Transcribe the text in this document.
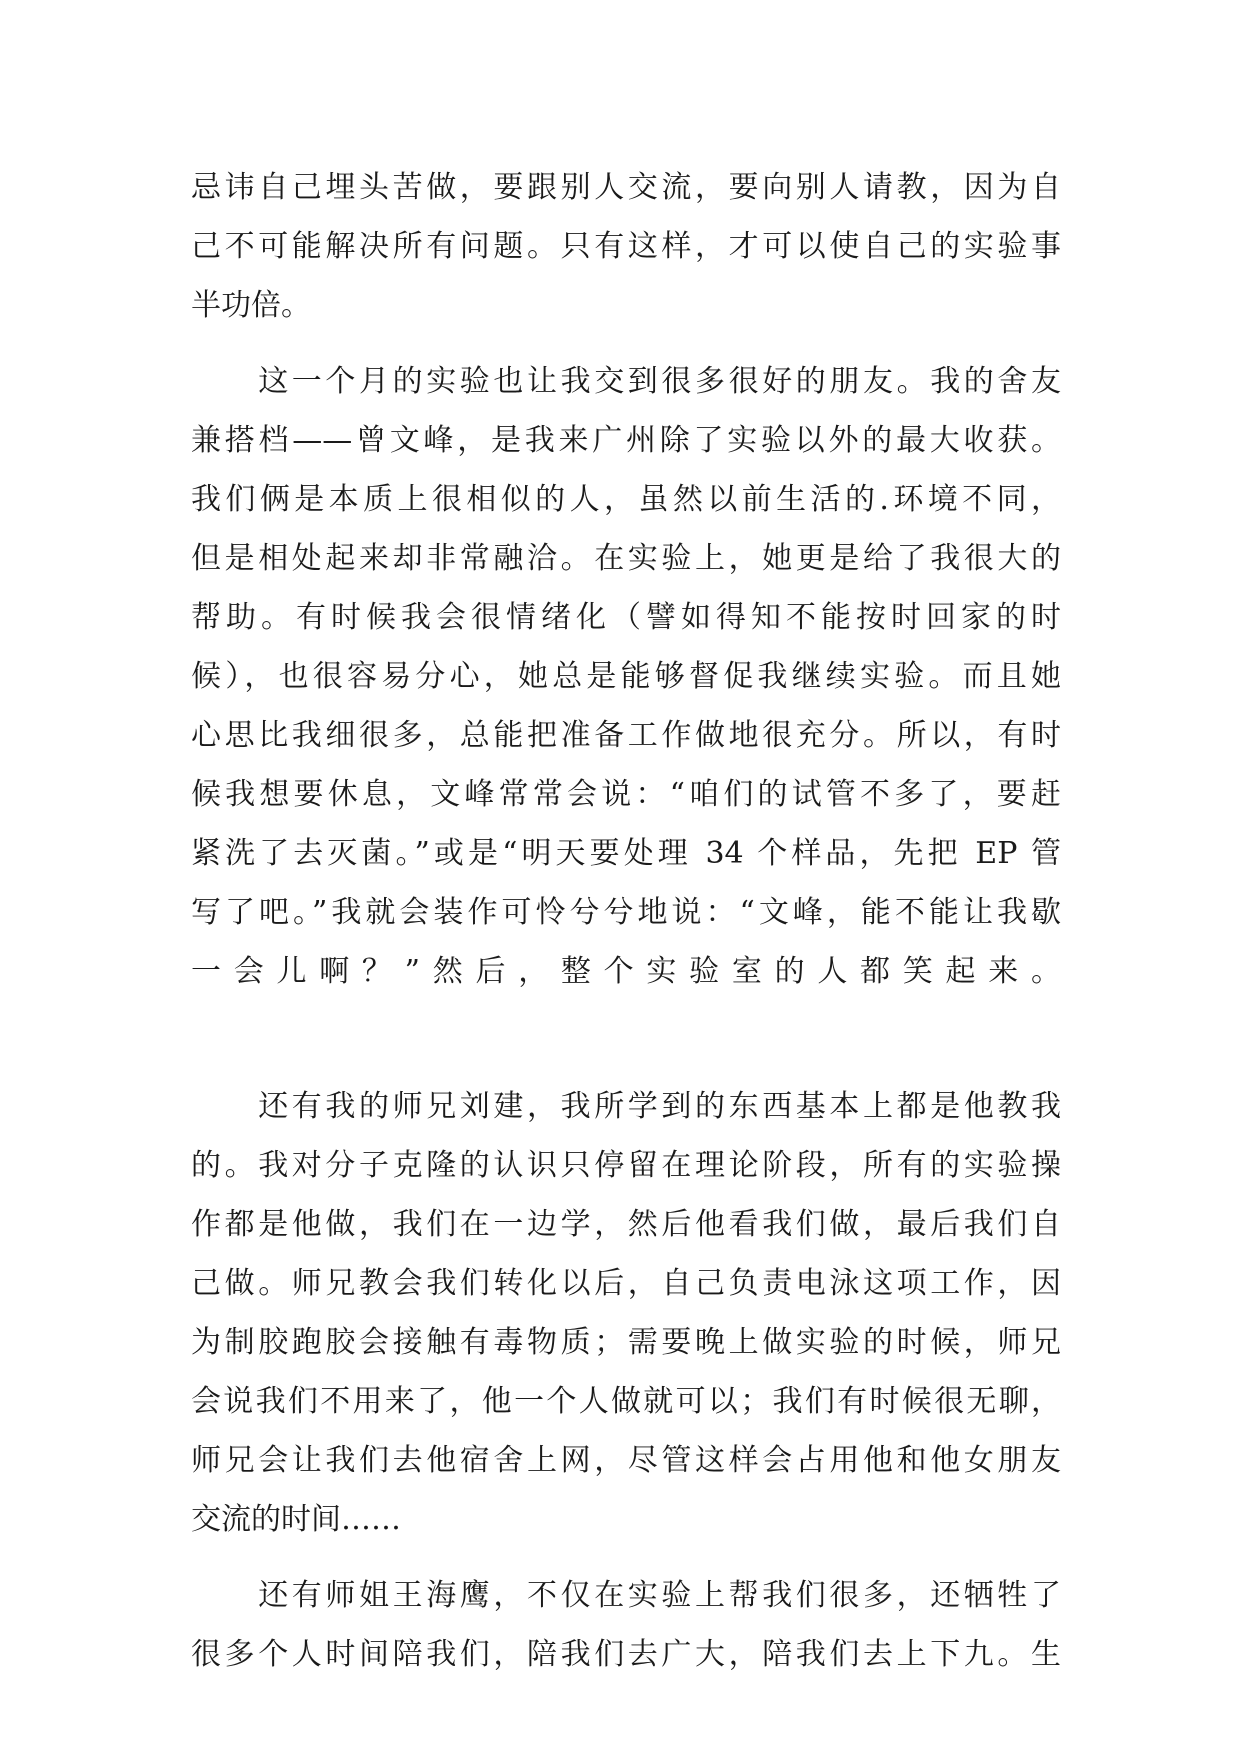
忌讳自己埋头苦做，要跟别人交流，要向别人请教，因为自
己不可能解决所有问题。只有这样，才可以使自己的实验事
半功倍。
　　这一个月的实验也让我交到很多很好的朋友。我的舍友
兼搭档——曾文峰，是我来广州除了实验以外的最大收获。
我们俩是本质上很相似的人，虽然以前生活的.环境不同，
但是相处起来却非常融洽。在实验上，她更是给了我很大的
帮助。有时候我会很情绪化（譬如得知不能按时回家的时
候），也很容易分心，她总是能够督促我继续实验。而且她
心思比我细很多，总能把准备工作做地很充分。所以，有时
候我想要休息，文峰常常会说：“咱们的试管不多了，要赶
紧洗了去灭菌。”或是“明天要处理 34 个样品，先把 EP 管
写了吧。”我就会装作可怜兮兮地说：“文峰，能不能让我歇
一会儿啊？”然后，整个实验室的人都笑起来。
　　还有我的师兄刘建，我所学到的东西基本上都是他教我
的。我对分子克隆的认识只停留在理论阶段，所有的实验操
作都是他做，我们在一边学，然后他看我们做，最后我们自
己做。师兄教会我们转化以后，自己负责电泳这项工作，因
为制胶跑胶会接触有毒物质；需要晚上做实验的时候，师兄
会说我们不用来了，他一个人做就可以；我们有时候很无聊，
师兄会让我们去他宿舍上网，尽管这样会占用他和他女朋友
交流的时间……
　　还有师姐王海鹰，不仅在实验上帮我们很多，还牺牲了
很多个人时间陪我们，陪我们去广大，陪我们去上下九。生
